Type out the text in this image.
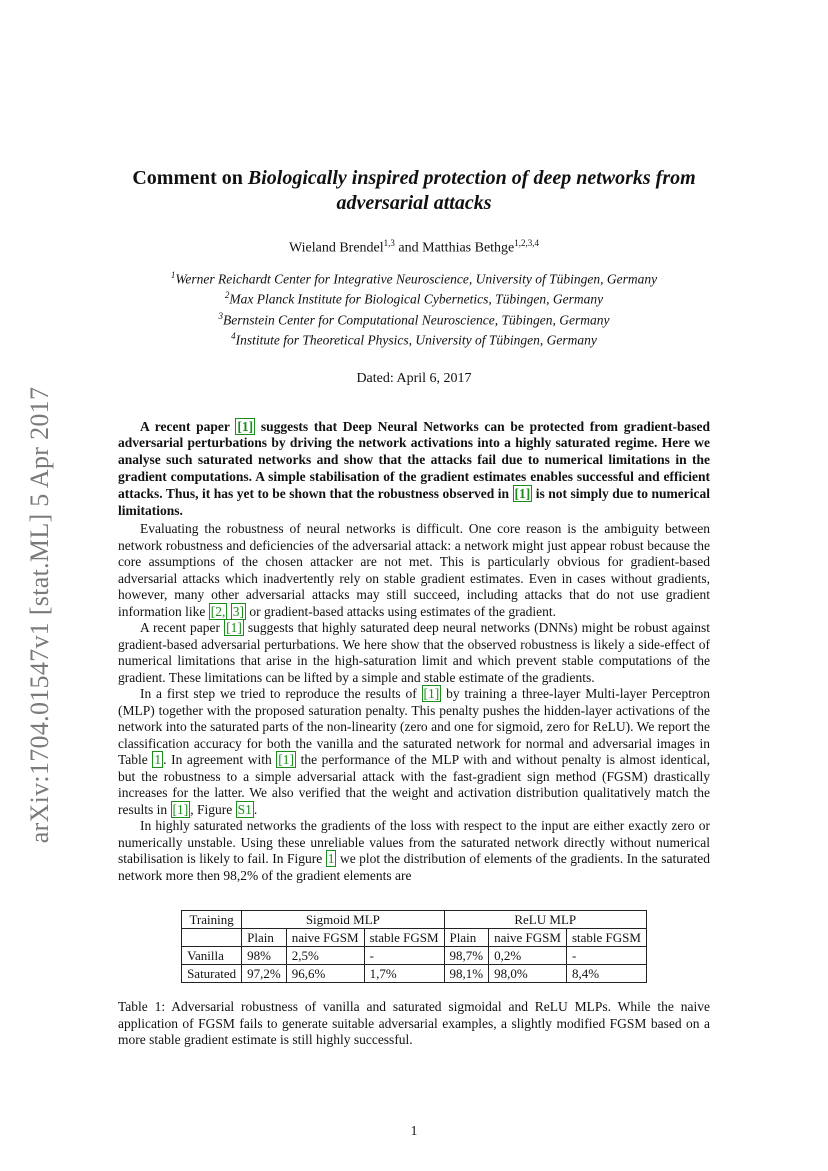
arXiv:1704.01547v1 [stat.ML] 5 Apr 2017
Comment on Biologically inspired protection of deep networks from adversarial attacks
Wieland Brendel$^{1,3}$ and Matthias Bethge$^{1,2,3,4}$
$^1$Werner Reichardt Center for Integrative Neuroscience, University of Tübingen, Germany
$^2$Max Planck Institute for Biological Cybernetics, Tübingen, Germany
$^3$Bernstein Center for Computational Neuroscience, Tübingen, Germany
$^4$Institute for Theoretical Physics, University of Tübingen, Germany
Dated: April 6, 2017
A recent paper [1] suggests that Deep Neural Networks can be protected from gradient-based adversarial perturbations by driving the network activations into a highly saturated regime. Here we analyse such saturated networks and show that the attacks fail due to numerical limitations in the gradient computations. A simple stabilisation of the gradient estimates enables successful and efficient attacks. Thus, it has yet to be shown that the robustness observed in [1] is not simply due to numerical limitations.

Evaluating the robustness of neural networks is difficult. One core reason is the ambiguity between network robustness and deficiencies of the adversarial attack: a network might just appear robust because the core assumptions of the chosen attacker are not met. This is particularly obvious for gradient-based adversarial attacks which inadvertently rely on stable gradient estimates. Even in cases without gradients, however, many other adversarial attacks may still succeed, including attacks that do not use gradient information like [2, 3] or gradient-based attacks using estimates of the gradient.

A recent paper [1] suggests that highly saturated deep neural networks (DNNs) might be robust against gradient-based adversarial perturbations. We here show that the observed robustness is likely a side-effect of numerical limitations that arise in the high-saturation limit and which prevent stable computations of the gradient. These limitations can be lifted by a simple and stable estimate of the gradients.

In a first step we tried to reproduce the results of [1] by training a three-layer Multi-layer Perceptron (MLP) together with the proposed saturation penalty. This penalty pushes the hidden-layer activations of the network into the saturated parts of the non-linearity (zero and one for sigmoid, zero for ReLU). We report the classification accuracy for both the vanilla and the saturated network for normal and adversarial images in Table 1 . In agreement with [1] the performance of the MLP with and without penalty is almost identical, but the robustness to a simple adversarial attack with the fast-gradient sign method (FGSM) drastically increases for the latter. We also verified that the weight and activation distribution qualitatively match the results in [1] , Figure S1 .

In highly saturated networks the gradients of the loss with respect to the input are either exactly zero or numerically unstable. Using these unreliable values from the saturated network directly without numerical stabilisation is likely to fail. In Figure 1 we plot the distribution of elements of the gradients. In the saturated network more then 98,2% of the gradient elements are

Training	Sigmoid MLP			ReLU MLP		
	Plain	naive FGSM	stable FGSM	Plain	naive FGSM	stable FGSM
Vanilla	98%	2,5%	-	98,7%	0,2%	-
Saturated	97,2%	96,6%	1,7%	98,1%	98,0%	8,4%
Table 1: Adversarial robustness of vanilla and saturated sigmoidal and ReLU MLPs. While the naive application of FGSM fails to generate suitable adversarial examples, a slightly modified FGSM based on a more stable gradient estimate is still highly successful.
1
